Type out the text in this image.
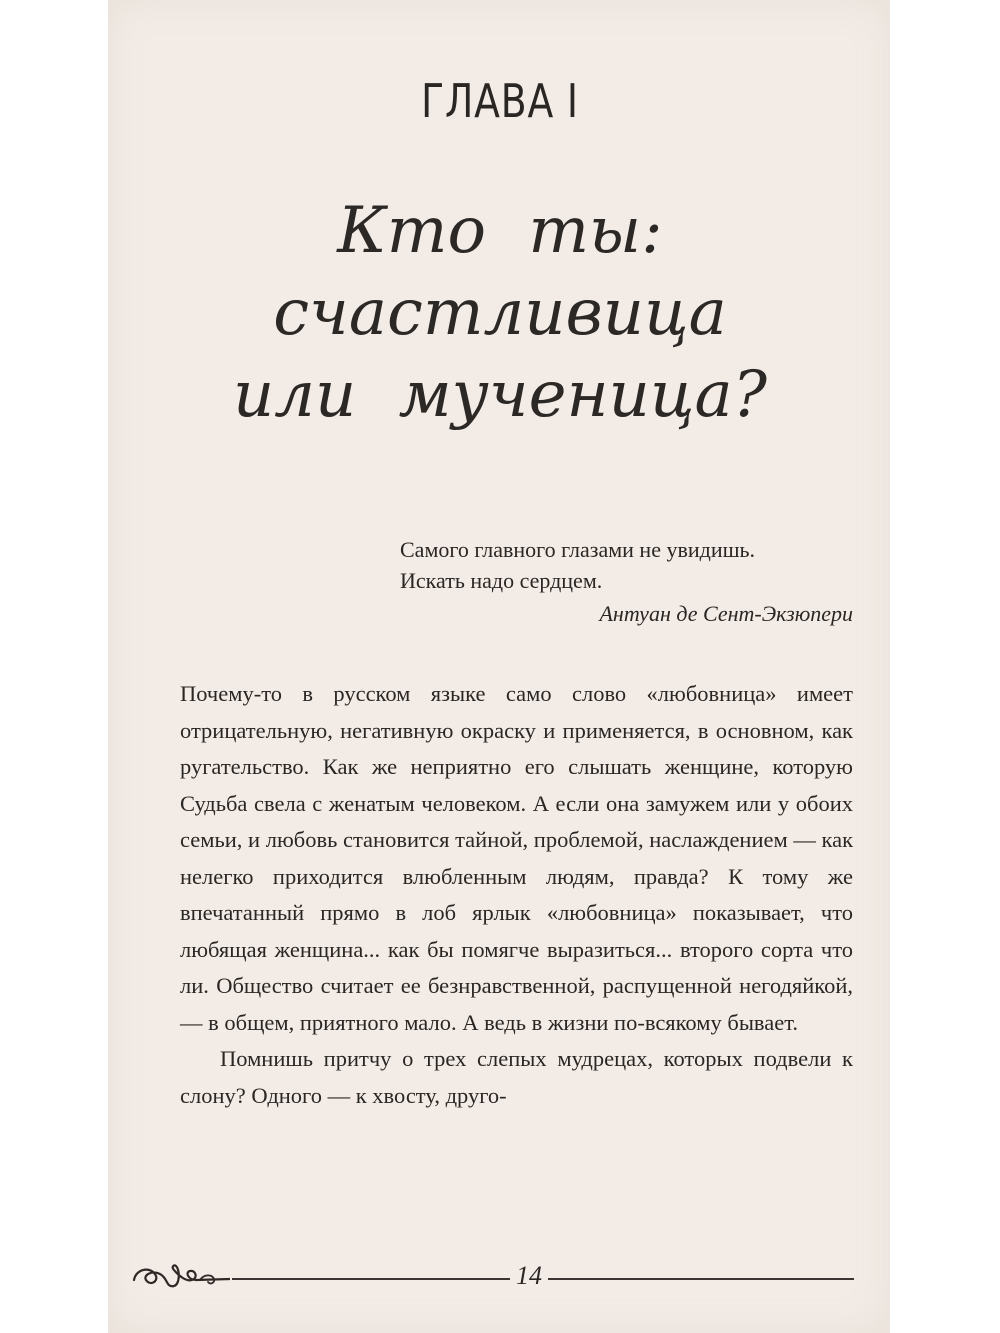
ГЛАВА I
Кто ты:
счастливица
или мученица?
Самого главного глазами не увидишь.
Искать надо сердцем.
Антуан де Сент-Экзюпери

Почему-то в русском языке само слово «любовница» имеет отрицательную, негативную окраску и применяется, в основном, как ругательство. Как же неприятно его слышать женщине, которую Судьба свела с женатым человеком. А если она замужем или у обоих семьи, и любовь становится тайной, проблемой, наслаждением — как нелегко приходится влюбленным людям, правда? К тому же впечатанный прямо в лоб ярлык «любовница» показывает, что любящая женщина... как бы помягче выразиться... второго сорта что ли. Общество считает ее безнравственной, распущенной негодяйкой, — в общем, приятного мало. А ведь в жизни по-всякому бывает.

Помнишь притчу о трех слепых мудрецах, которых подвели к слону? Одного — к хвосту, друго-

14
